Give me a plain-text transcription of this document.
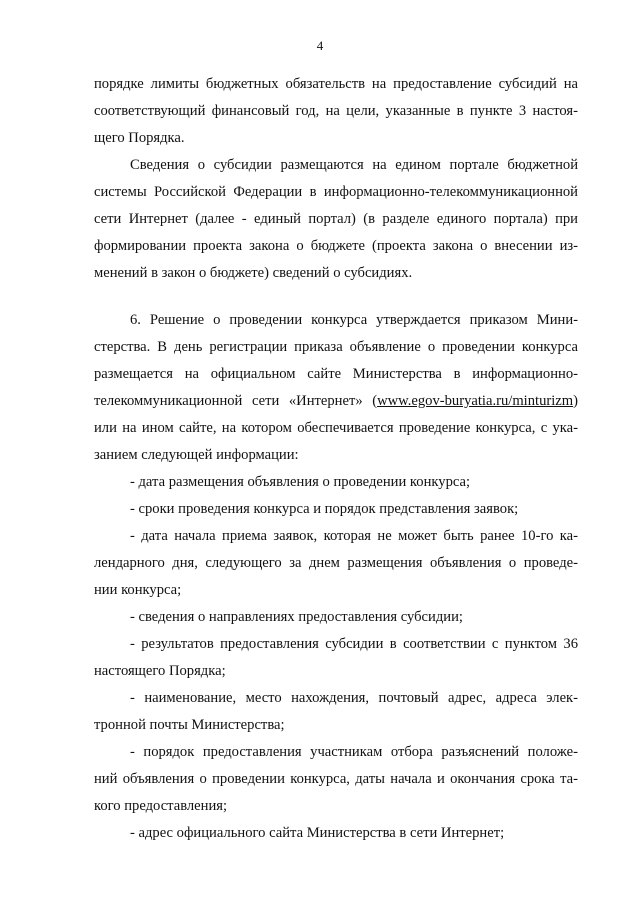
4
порядке лимиты бюджетных обязательств на предоставление субсидий на
соответствующий финансовый год, на цели, указанные в пункте 3 настоя-
щего Порядка.
Сведения о субсидии размещаются на едином портале бюджетной
системы Российской Федерации в информационно-телекоммуникационной
сети Интернет (далее - единый портал) (в разделе единого портала) при
формировании проекта закона о бюджете (проекта закона о внесении из-
менений в закон о бюджете) сведений о субсидиях.
6. Решение о проведении конкурса утверждается приказом Мини-
стерства. В день регистрации приказа объявление о проведении конкурса
размещается на официальном сайте Министерства в информационно-
телекоммуникационной сети «Интернет» (www.egov-buryatia.ru/minturizm)
или на ином сайте, на котором обеспечивается проведение конкурса, с ука-
занием следующей информации:
- дата размещения объявления о проведении конкурса;
- сроки проведения конкурса и порядок представления заявок;
- дата начала приема заявок, которая не может быть ранее 10-го ка-
лендарного дня, следующего за днем размещения объявления о проведе-
нии конкурса;
- сведения о направлениях предоставления субсидии;
- результатов предоставления субсидии в соответствии с пунктом 36
настоящего Порядка;
- наименование, место нахождения, почтовый адрес, адреса элек-
тронной почты Министерства;
- порядок предоставления участникам отбора разъяснений положе-
ний объявления о проведении конкурса, даты начала и окончания срока та-
кого предоставления;
- адрес официального сайта Министерства в сети Интернет;
